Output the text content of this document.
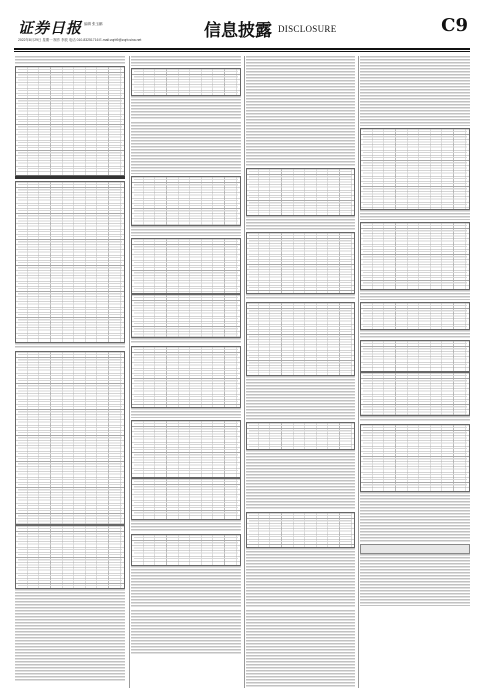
证券日报 编辑 张玉鹏
2022年8月29日 星期一 制作 李波 电话 010-83251716 E-mail:zqrb9@zqrb.sina.net	信息披露 DISCLOSURE	C9
